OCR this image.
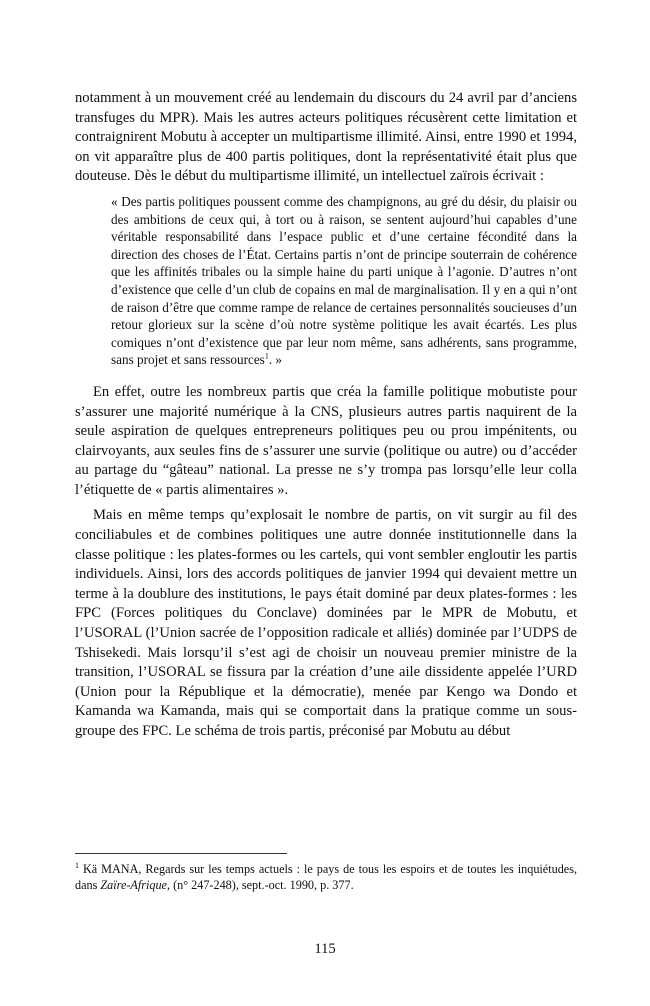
notamment à un mouvement créé au lendemain du discours du 24 avril par d’anciens transfuges du MPR). Mais les autres acteurs politiques récusèrent cette limitation et contraignirent Mobutu à accepter un multipartisme illimité. Ainsi, entre 1990 et 1994, on vit apparaître plus de 400 partis politiques, dont la représentativité était plus que douteuse. Dès le début du multipartisme illimité, un intellectuel zaïrois écrivait :

« Des partis politiques poussent comme des champignons, au gré du désir, du plaisir ou des ambitions de ceux qui, à tort ou à raison, se sentent aujourd’hui capables d’une véritable responsabilité dans l’espace public et d’une certaine fécondité dans la direction des choses de l’État. Certains partis n’ont de principe souterrain de cohérence que les affinités tribales ou la simple haine du parti unique à l’agonie. D’autres n’ont d’existence que celle d’un club de copains en mal de marginalisation. Il y en a qui n’ont de raison d’être que comme rampe de relance de certaines personnalités soucieuses d’un retour glorieux sur la scène d’où notre système politique les avait écartés. Les plus comiques n’ont d’existence que par leur nom même, sans adhérents, sans programme, sans projet et sans ressources$^1$. »

En effet, outre les nombreux partis que créa la famille politique mobutiste pour s’assurer une majorité numérique à la CNS, plusieurs autres partis naquirent de la seule aspiration de quelques entrepreneurs politiques peu ou prou impénitents, ou clairvoyants, aux seules fins de s’assurer une survie (politique ou autre) ou d’accéder au partage du “gâteau” national. La presse ne s’y trompa pas lorsqu’elle leur colla l’étiquette de « partis alimentaires ».

Mais en même temps qu’explosait le nombre de partis, on vit surgir au fil des conciliabules et de combines politiques une autre donnée institutionnelle dans la classe politique : les plates-formes ou les cartels, qui vont sembler engloutir les partis individuels. Ainsi, lors des accords politiques de janvier 1994 qui devaient mettre un terme à la doublure des institutions, le pays était dominé par deux plates-formes : les FPC (Forces politiques du Conclave) dominées par le MPR de Mobutu, et l’USORAL (l’Union sacrée de l’opposition radicale et alliés) dominée par l’UDPS de Tshisekedi. Mais lorsqu’il s’est agi de choisir un nouveau premier ministre de la transition, l’USORAL se fissura par la création d’une aile dissidente appelée l’URD (Union pour la République et la démocratie), menée par Kengo wa Dondo et Kamanda wa Kamanda, mais qui se comportait dans la pratique comme un sous-groupe des FPC. Le schéma de trois partis, préconisé par Mobutu au début

$^1$ Kä MANA, Regards sur les temps actuels : le pays de tous les espoirs et de toutes les inquiétudes, dans Zaïre-Afrique, (n° 247-248), sept.-oct. 1990, p. 377.
115
